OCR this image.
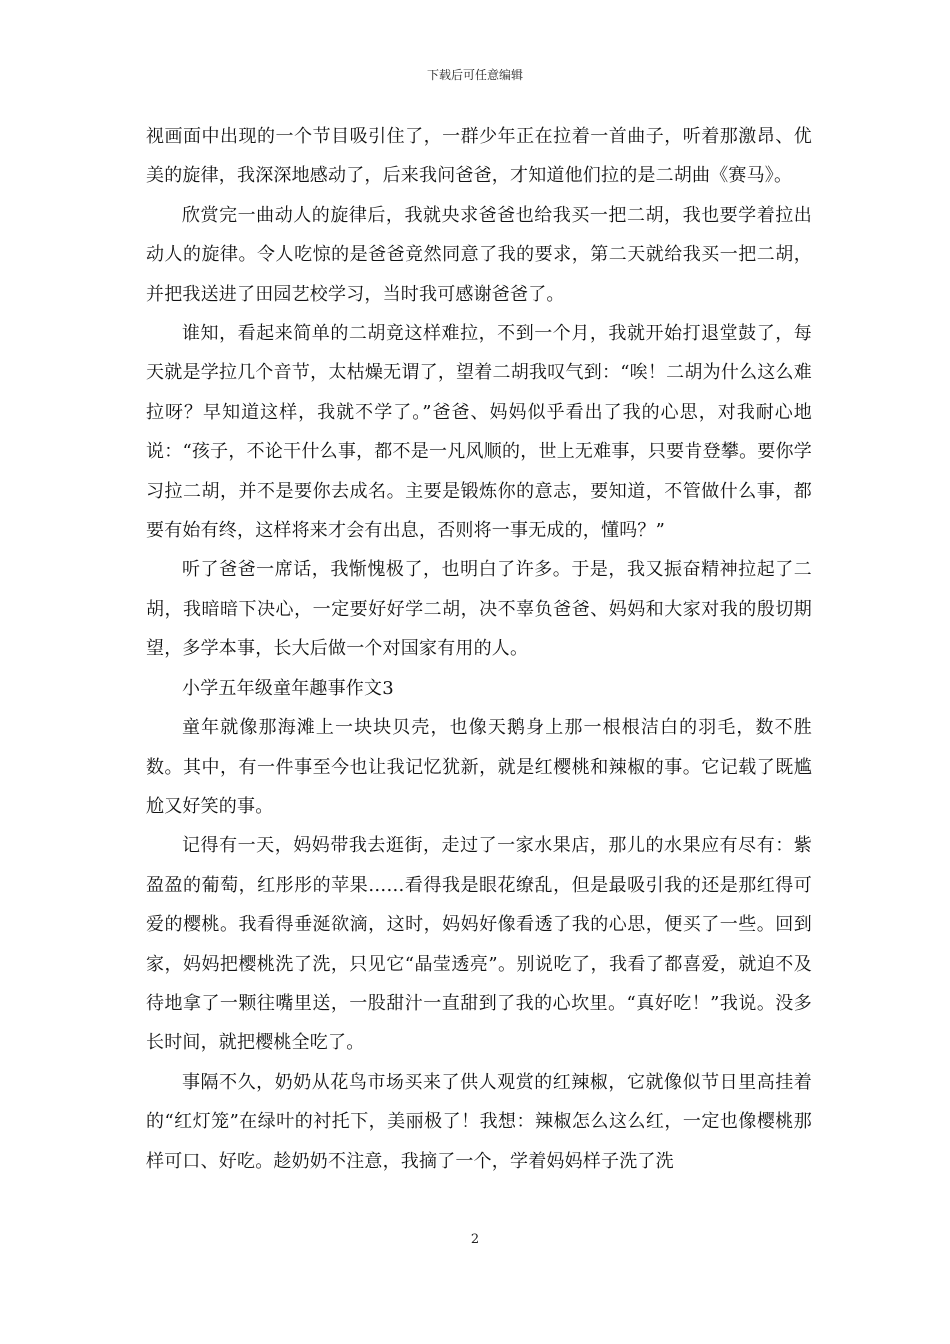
下载后可任意编辑

视画面中出现的一个节目吸引住了，一群少年正在拉着一首曲子，听着那激昂、优美的旋律，我深深地感动了，后来我问爸爸，才知道他们拉的是二胡曲《赛马》。

欣赏完一曲动人的旋律后，我就央求爸爸也给我买一把二胡，我也要学着拉出动人的旋律。令人吃惊的是爸爸竟然同意了我的要求，第二天就给我买一把二胡，并把我送进了田园艺校学习，当时我可感谢爸爸了。

谁知，看起来简单的二胡竟这样难拉，不到一个月，我就开始打退堂鼓了，每天就是学拉几个音节，太枯燥无谓了，望着二胡我叹气到：“唉！二胡为什么这么难拉呀？早知道这样，我就不学了。”爸爸、妈妈似乎看出了我的心思，对我耐心地说：“孩子，不论干什么事，都不是一凡风顺的，世上无难事，只要肯登攀。要你学习拉二胡，并不是要你去成名。主要是锻炼你的意志，要知道，不管做什么事，都要有始有终，这样将来才会有出息，否则将一事无成的，懂吗？”

听了爸爸一席话，我惭愧极了，也明白了许多。于是，我又振奋精神拉起了二胡，我暗暗下决心，一定要好好学二胡，决不辜负爸爸、妈妈和大家对我的殷切期望，多学本事，长大后做一个对国家有用的人。

小学五年级童年趣事作文3

童年就像那海滩上一块块贝壳，也像天鹅身上那一根根洁白的羽毛，数不胜数。其中，有一件事至今也让我记忆犹新，就是红樱桃和辣椒的事。它记载了既尴尬又好笑的事。

记得有一天，妈妈带我去逛街，走过了一家水果店，那儿的水果应有尽有：紫盈盈的葡萄，红彤彤的苹果……看得我是眼花缭乱，但是最吸引我的还是那红得可爱的樱桃。我看得垂涎欲滴，这时，妈妈好像看透了我的心思，便买了一些。回到家，妈妈把樱桃洗了洗，只见它“晶莹透亮”。别说吃了，我看了都喜爱，就迫不及待地拿了一颗往嘴里送，一股甜汁一直甜到了我的心坎里。“真好吃！”我说。没多长时间，就把樱桃全吃了。

事隔不久，奶奶从花鸟市场买来了供人观赏的红辣椒，它就像似节日里高挂着的“红灯笼”在绿叶的衬托下，美丽极了！我想：辣椒怎么这么红，一定也像樱桃那样可口、好吃。趁奶奶不注意，我摘了一个，学着妈妈样子洗了洗

2
